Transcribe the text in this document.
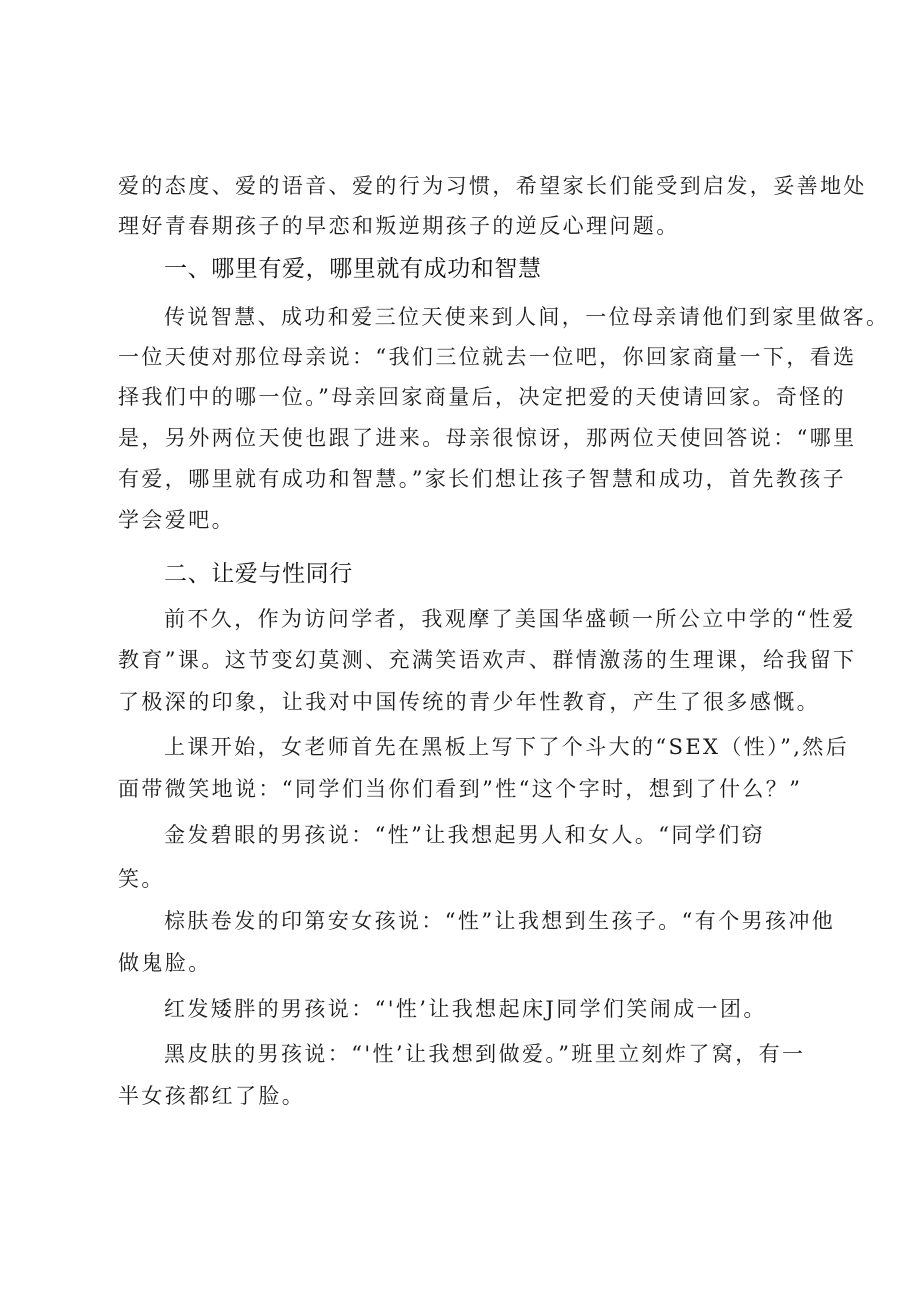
爱的态度、爱的语音、爱的行为习惯，希望家长们能受到启发，妥善地处
理好青春期孩子的早恋和叛逆期孩子的逆反心理问题。
一、哪里有爱，哪里就有成功和智慧
传说智慧、成功和爱三位天使来到人间，一位母亲请他们到家里做客。
一位天使对那位母亲说：“我们三位就去一位吧，你回家商量一下，看选
择我们中的哪一位。”母亲回家商量后，决定把爱的天使请回家。奇怪的
是，另外两位天使也跟了进来。母亲很惊讶，那两位天使回答说：“哪里
有爱，哪里就有成功和智慧。”家长们想让孩子智慧和成功，首先教孩子
学会爱吧。
二、让爱与性同行
前不久，作为访问学者，我观摩了美国华盛顿一所公立中学的“性爱
教育”课。这节变幻莫测、充满笑语欢声、群情激荡的生理课，给我留下
了极深的印象，让我对中国传统的青少年性教育，产生了很多感慨。
上课开始，女老师首先在黑板上写下了个斗大的“SEX（性）”,然后
面带微笑地说：“同学们当你们看到”性“这个字时，想到了什么？”
金发碧眼的男孩说：“性”让我想起男人和女人。“同学们窃
笑。
棕肤卷发的印第安女孩说：“性”让我想到生孩子。“有个男孩冲他
做鬼脸。
红发矮胖的男孩说：“'性’让我想起床J同学们笑闹成一团。
黑皮肤的男孩说：“'性’让我想到做爱。”班里立刻炸了窝，有一
半女孩都红了脸。
